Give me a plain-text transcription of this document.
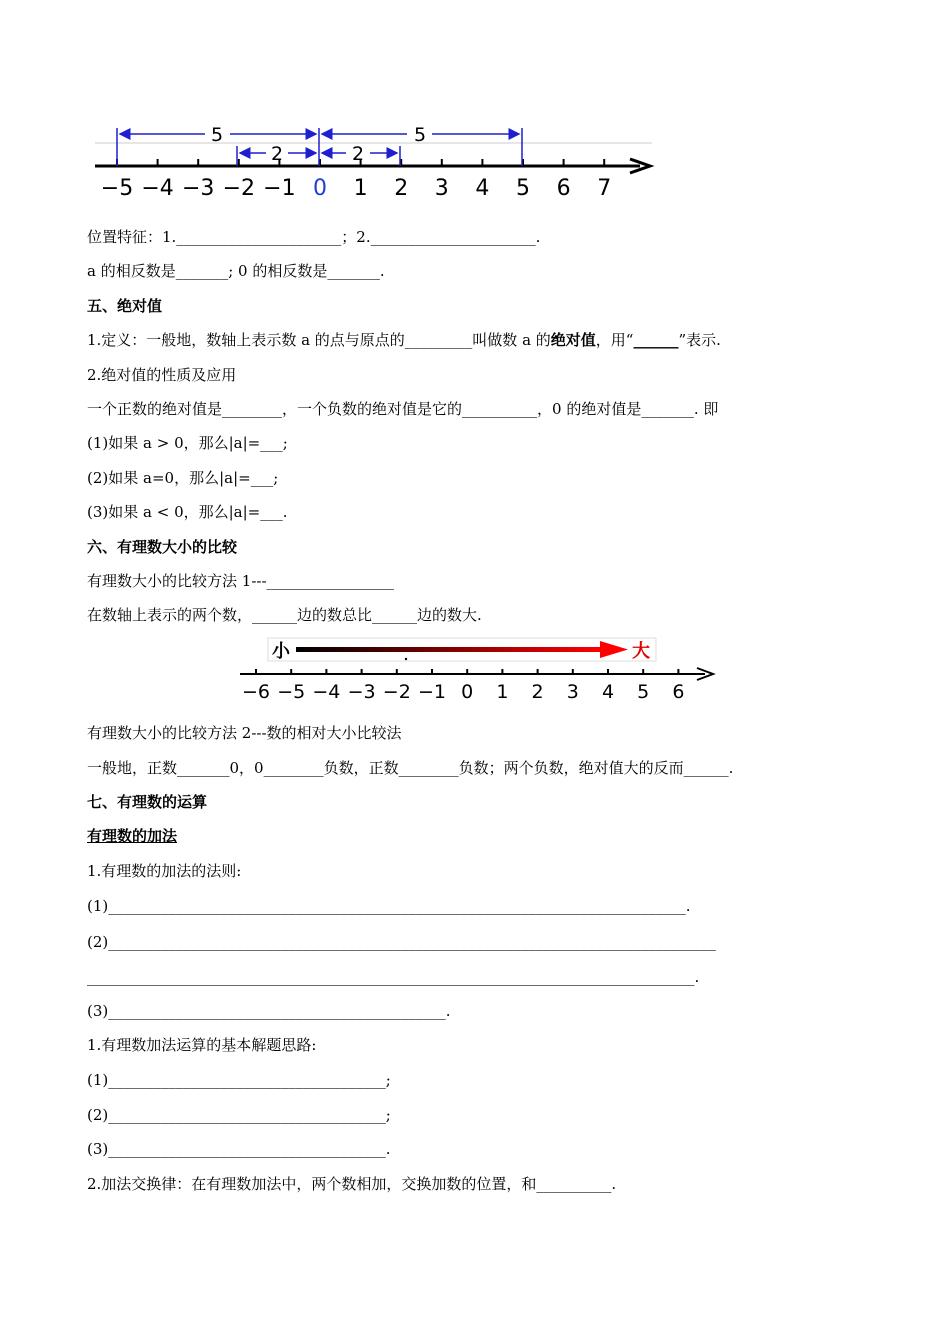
−5 −4 −3 −2 −1 0 1 2 3 4 5 6 7
5	5
2	2
位置特征：1.______________________；2.______________________.
a 的相反数是_______; 0 的相反数是_______.
五、绝对值
1.定义：一般地，数轴上表示数 a 的点与原点的_________叫做数 a 的绝对值，用“______”表示.
2.绝对值的性质及应用
一个正数的绝对值是________，一个负数的绝对值是它的__________，0 的绝对值是_______. 即
(1)如果 a > 0，那么|a|=___;
(2)如果 a=0，那么|a|=___;
(3)如果 a < 0，那么|a|=___.
六、有理数大小的比较
有理数大小的比较方法 1---_________________
在数轴上表示的两个数，______边的数总比______边的数大.
小	大
−6 −5 −4 −3 −2 −1 0 1 2 3 4 5 6
有理数大小的比较方法 2---数的相对大小比较法
一般地，正数_______0，0________负数，正数________负数；两个负数，绝对值大的反而______.
七、有理数的运算
有理数的加法
1.有理数的加法的法则:
(1)_____________________________________________________________________________.
(2)_________________________________________________________________________________
_________________________________________________________________________________.
(3)_____________________________________________.
1.有理数加法运算的基本解题思路:
(1)_____________________________________;
(2)_____________________________________;
(3)_____________________________________.
2.加法交换律：在有理数加法中，两个数相加，交换加数的位置，和__________.
